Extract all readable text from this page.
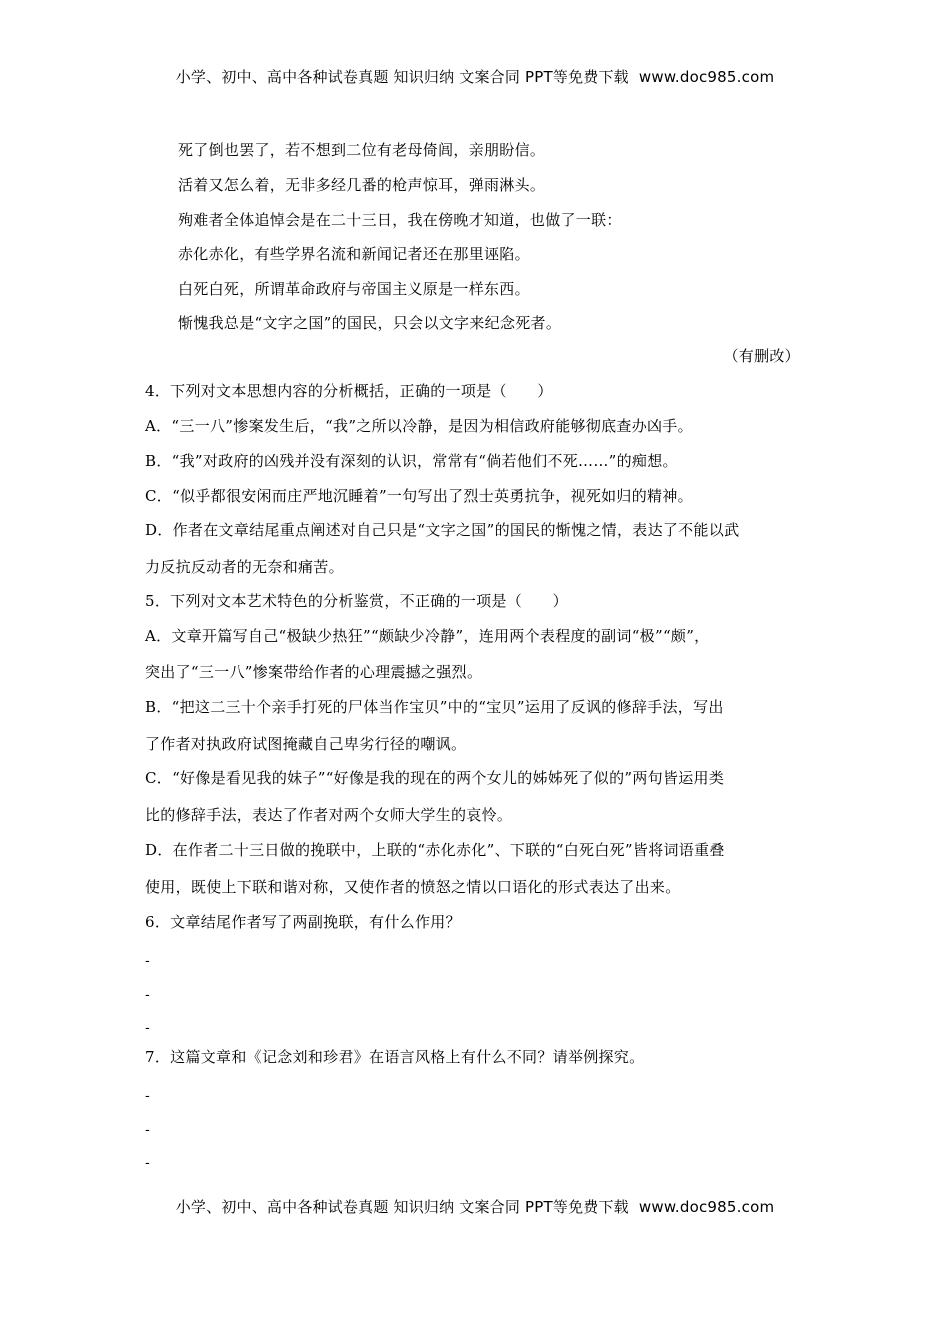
小学、初中、高中各种试卷真题 知识归纳 文案合同 PPT等免费下载 www.doc985.com
死了倒也罢了，若不想到二位有老母倚闾，亲朋盼信。
活着又怎么着，无非多经几番的枪声惊耳，弹雨淋头。
殉难者全体追悼会是在二十三日，我在傍晚才知道，也做了一联：
赤化赤化，有些学界名流和新闻记者还在那里诬陷。
白死白死，所谓革命政府与帝国主义原是一样东西。
惭愧我总是“文字之国”的国民，只会以文字来纪念死者。
（有删改）
4．下列对文本思想内容的分析概括，正确的一项是（　　）
A．“三一八”惨案发生后，“我”之所以冷静，是因为相信政府能够彻底查办凶手。
B．“我”对政府的凶残并没有深刻的认识，常常有“倘若他们不死……”的痴想。
C．“似乎都很安闲而庄严地沉睡着”一句写出了烈士英勇抗争，视死如归的精神。
D．作者在文章结尾重点阐述对自己只是“文字之国”的国民的惭愧之情，表达了不能以武
力反抗反动者的无奈和痛苦。
5．下列对文本艺术特色的分析鉴赏，不正确的一项是（　　）
A．文章开篇写自己“极缺少热狂”“颇缺少冷静”，连用两个表程度的副词“极”“颇”，
突出了“三一八”惨案带给作者的心理震撼之强烈。
B．“把这二三十个亲手打死的尸体当作宝贝”中的“宝贝”运用了反讽的修辞手法，写出
了作者对执政府试图掩藏自己卑劣行径的嘲讽。
C．“好像是看见我的妹子”“好像是我的现在的两个女儿的姊姊死了似的”两句皆运用类
比的修辞手法，表达了作者对两个女师大学生的哀怜。
D．在作者二十三日做的挽联中，上联的“赤化赤化”、下联的“白死白死”皆将词语重叠
使用，既使上下联和谐对称，又使作者的愤怒之情以口语化的形式表达了出来。
6．文章结尾作者写了两副挽联，有什么作用？
-
-
-
7．这篇文章和《记念刘和珍君》在语言风格上有什么不同？请举例探究。
-
-
-
小学、初中、高中各种试卷真题 知识归纳 文案合同 PPT等免费下载 www.doc985.com
